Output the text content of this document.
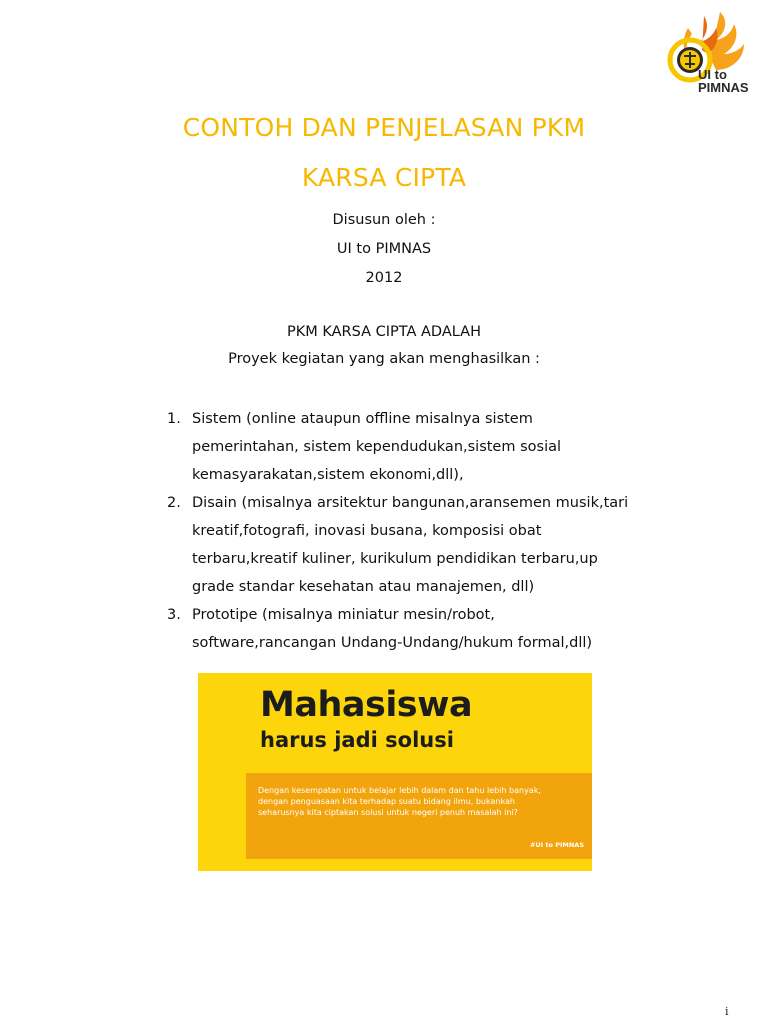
UI to
PIMNAS
CONTOH DAN PENJELASAN PKM
KARSA CIPTA
Disusun oleh :
UI to PIMNAS
2012
PKM KARSA CIPTA ADALAH
Proyek kegiatan yang akan menghasilkan :
1. Sistem (online ataupun offline misalnya sistem
pemerintahan, sistem kependudukan,sistem sosial
kemasyarakatan,sistem ekonomi,dll),
2. Disain (misalnya arsitektur bangunan,aransemen musik,tari
kreatif,fotografi, inovasi busana, komposisi obat
terbaru,kreatif kuliner, kurikulum pendidikan terbaru,up
grade standar kesehatan atau manajemen, dll)
3. Prototipe (misalnya miniatur mesin/robot,
software,rancangan Undang-Undang/hukum formal,dll)
Mahasiswa
harus jadi solusi
Dengan kesempatan untuk belajar lebih dalam dan tahu lebih banyak,
dengan penguasaan kita terhadap suatu bidang ilmu, bukankah
seharusnya kita ciptakan solusi untuk negeri penuh masalah ini?
#UI to PIMNAS
i
